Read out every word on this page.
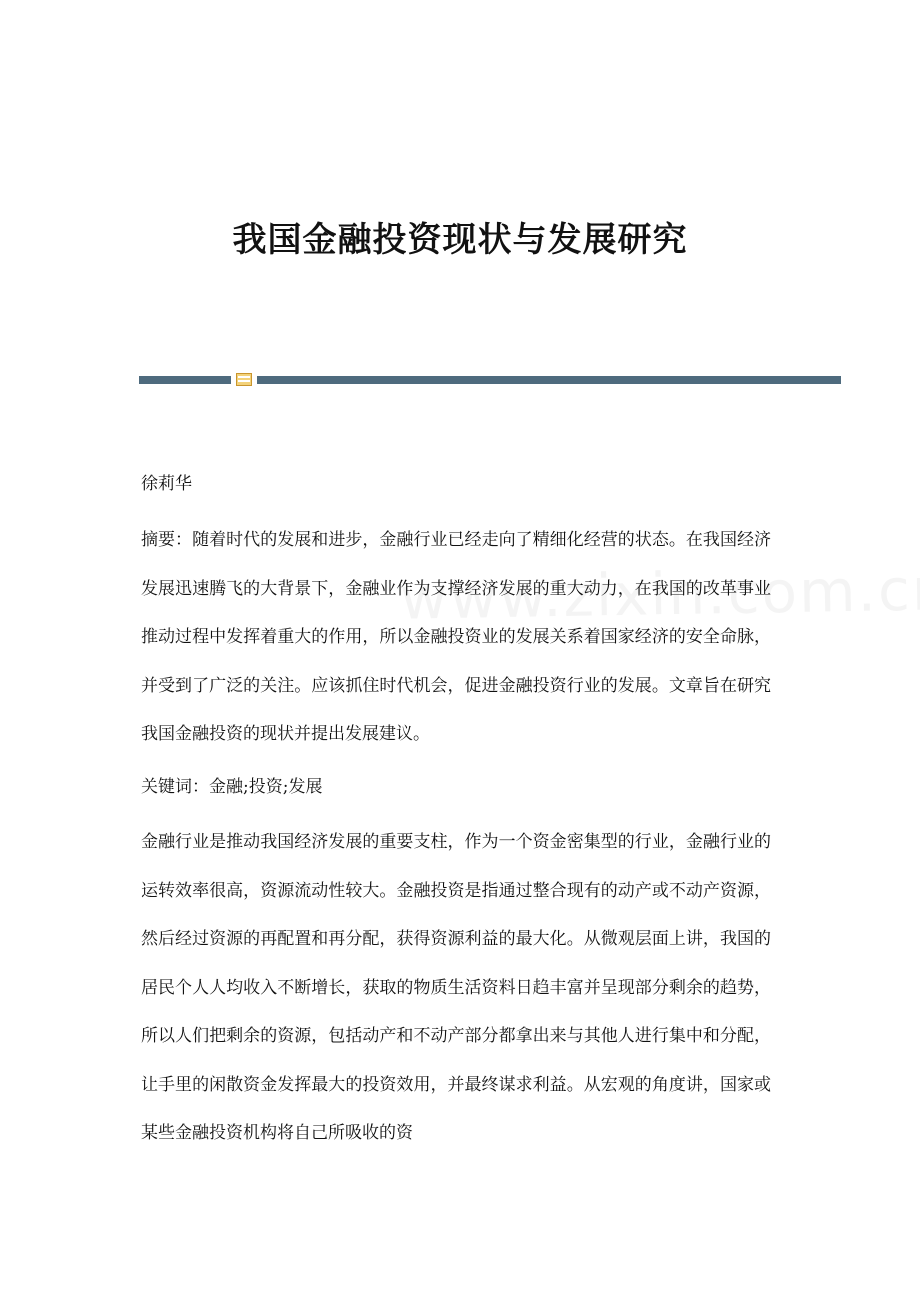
我国金融投资现状与发展研究

徐莉华

摘要：随着时代的发展和进步，金融行业已经走向了精细化经营的状态。在我国经济发展迅速腾飞的大背景下，金融业作为支撑经济发展的重大动力，在我国的改革事业推动过程中发挥着重大的作用，所以金融投资业的发展关系着国家经济的安全命脉，并受到了广泛的关注。应该抓住时代机会，促进金融投资行业的发展。文章旨在研究我国金融投资的现状并提出发展建议。

关键词：金融;投资;发展

金融行业是推动我国经济发展的重要支柱，作为一个资金密集型的行业，金融行业的运转效率很高，资源流动性较大。金融投资是指通过整合现有的动产或不动产资源，然后经过资源的再配置和再分配，获得资源利益的最大化。从微观层面上讲，我国的居民个人人均收入不断增长，获取的物质生活资料日趋丰富并呈现部分剩余的趋势，所以人们把剩余的资源，包括动产和不动产部分都拿出来与其他人进行集中和分配，让手里的闲散资金发挥最大的投资效用，并最终谋求利益。从宏观的角度讲，国家或某些金融投资机构将自己所吸收的资
